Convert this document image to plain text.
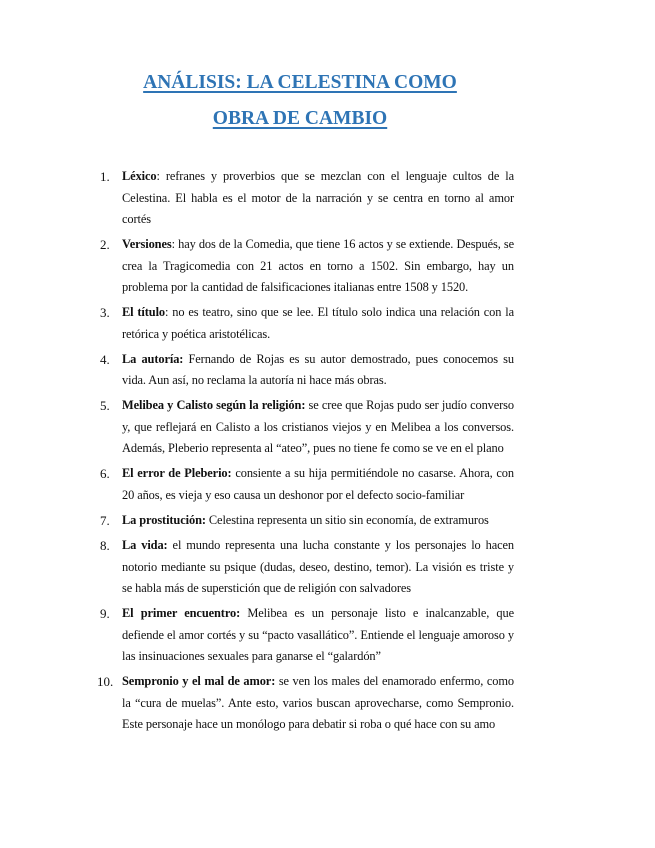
ANÁLISIS: LA CELESTINA COMO
OBRA DE CAMBIO
1. Léxico: refranes y proverbios que se mezclan con el lenguaje cultos de la Celestina. El habla es el motor de la narración y se centra en torno al amor cortés
2. Versiones: hay dos de la Comedia, que tiene 16 actos y se extiende. Después, se crea la Tragicomedia con 21 actos en torno a 1502. Sin embargo, hay un problema por la cantidad de falsificaciones italianas entre 1508 y 1520.
3. El título: no es teatro, sino que se lee. El título solo indica una relación con la retórica y poética aristotélicas.
4. La autoría: Fernando de Rojas es su autor demostrado, pues conocemos su vida. Aun así, no reclama la autoría ni hace más obras.
5. Melibea y Calisto según la religión: se cree que Rojas pudo ser judío converso y, que reflejará en Calisto a los cristianos viejos y en Melibea a los conversos. Además, Pleberio representa al “ateo”, pues no tiene fe como se ve en el plano
6. El error de Pleberio: consiente a su hija permitiéndole no casarse. Ahora, con 20 años, es vieja y eso causa un deshonor por el defecto socio-familiar
7. La prostitución: Celestina representa un sitio sin economía, de extramuros
8. La vida: el mundo representa una lucha constante y los personajes lo hacen notorio mediante su psique (dudas, deseo, destino, temor). La visión es triste y se habla más de superstición que de religión con salvadores
9. El primer encuentro: Melibea es un personaje listo e inalcanzable, que defiende el amor cortés y su “pacto vasallático”. Entiende el lenguaje amoroso y las insinuaciones sexuales para ganarse el “galardón”
10. Sempronio y el mal de amor: se ven los males del enamorado enfermo, como la “cura de muelas”. Ante esto, varios buscan aprovecharse, como Sempronio. Este personaje hace un monólogo para debatir si roba o qué hace con su amo
